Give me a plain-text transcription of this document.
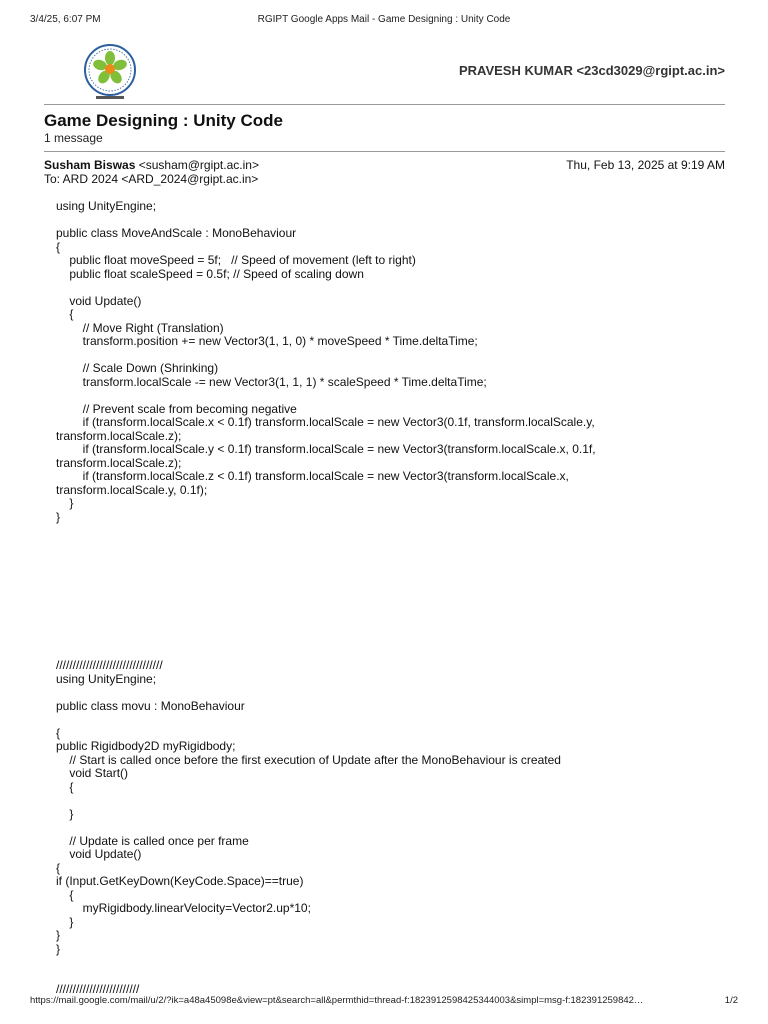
3/4/25, 6:07 PM	RGIPT Google Apps Mail - Game Designing : Unity Code
PRAVESH KUMAR <23cd3029@rgipt.ac.in>
Game Designing : Unity Code
1 message
Susham Biswas <susham@rgipt.ac.in>	Thu, Feb 13, 2025 at 9:19 AM
To: ARD 2024 <ARD_2024@rgipt.ac.in>
using UnityEngine;
public class MoveAndScale : MonoBehaviour
{
public float moveSpeed = 5f;   // Speed of movement (left to right)
public float scaleSpeed = 0.5f; // Speed of scaling down
void Update()
{
// Move Right (Translation)
transform.position += new Vector3(1, 1, 0) * moveSpeed * Time.deltaTime;
// Scale Down (Shrinking)
transform.localScale -= new Vector3(1, 1, 1) * scaleSpeed * Time.deltaTime;
// Prevent scale from becoming negative
if (transform.localScale.x < 0.1f) transform.localScale = new Vector3(0.1f, transform.localScale.y,
transform.localScale.z);
if (transform.localScale.y < 0.1f) transform.localScale = new Vector3(transform.localScale.x, 0.1f,
transform.localScale.z);
if (transform.localScale.z < 0.1f) transform.localScale = new Vector3(transform.localScale.x,
transform.localScale.y, 0.1f);
}
}
////////////////////////////////
using UnityEngine;
public class movu : MonoBehaviour
{
public Rigidbody2D myRigidbody;
// Start is called once before the first execution of Update after the MonoBehaviour is created
void Start()
{
}
// Update is called once per frame
void Update()
{
if (Input.GetKeyDown(KeyCode.Space)==true)
{
myRigidbody.linearVelocity=Vector2.up*10;
}
}
}
/////////////////////////
https://mail.google.com/mail/u/2/?ik=a48a45098e&view=pt&search=all&permthid=thread-f:1823912598425344003&simpl=msg-f:182391259842…	1/2
